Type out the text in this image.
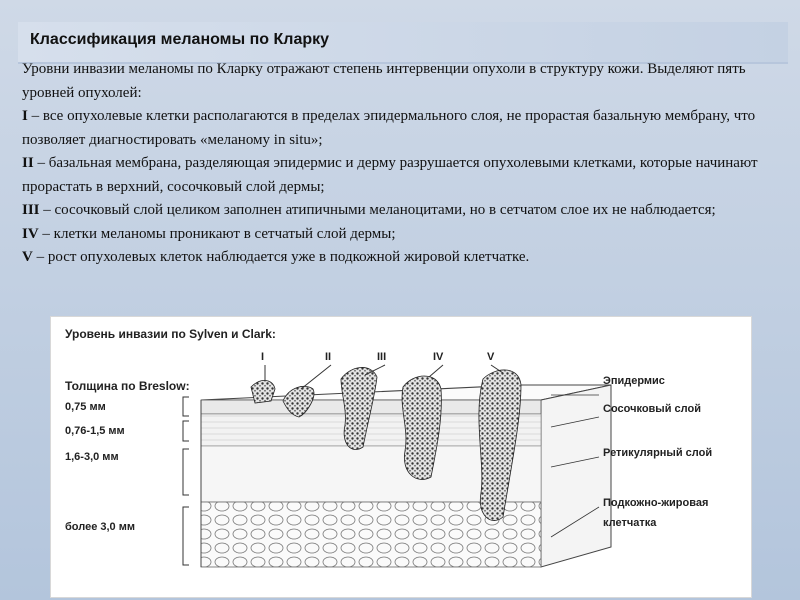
Классификация меланомы по Кларку

Уровни инвазии меланомы по Кларку отражают степень интервенции опухоли в структуру кожи. Выделяют пять уровней опухолей:

I – все опухолевые клетки располагаются в пределах эпидермального слоя, не прорастая базальную мембрану, что позволяет диагностировать «меланому in situ»;

II – базальная мембрана, разделяющая эпидермис и дерму разрушается опухолевыми клетками, которые начинают прорастать в верхний, сосочковый слой дермы;

III – сосочковый слой целиком заполнен атипичными меланоцитами, но в сетчатом слое их не наблюдается;

IV – клетки меланомы проникают в сетчатый слой дермы;

V – рост опухолевых клеток наблюдается уже в подкожной жировой клетчатке.

Уровень инвазии по Sylven и Clark:
I	II	III	IV	V
Толщина по Breslow:
0,75 мм
0,76-1,5 мм
1,6-3,0 мм
более 3,0 мм
Эпидермис
Сосочковый слой
Ретикулярный слой
Подкожно-жировая
клетчатка
